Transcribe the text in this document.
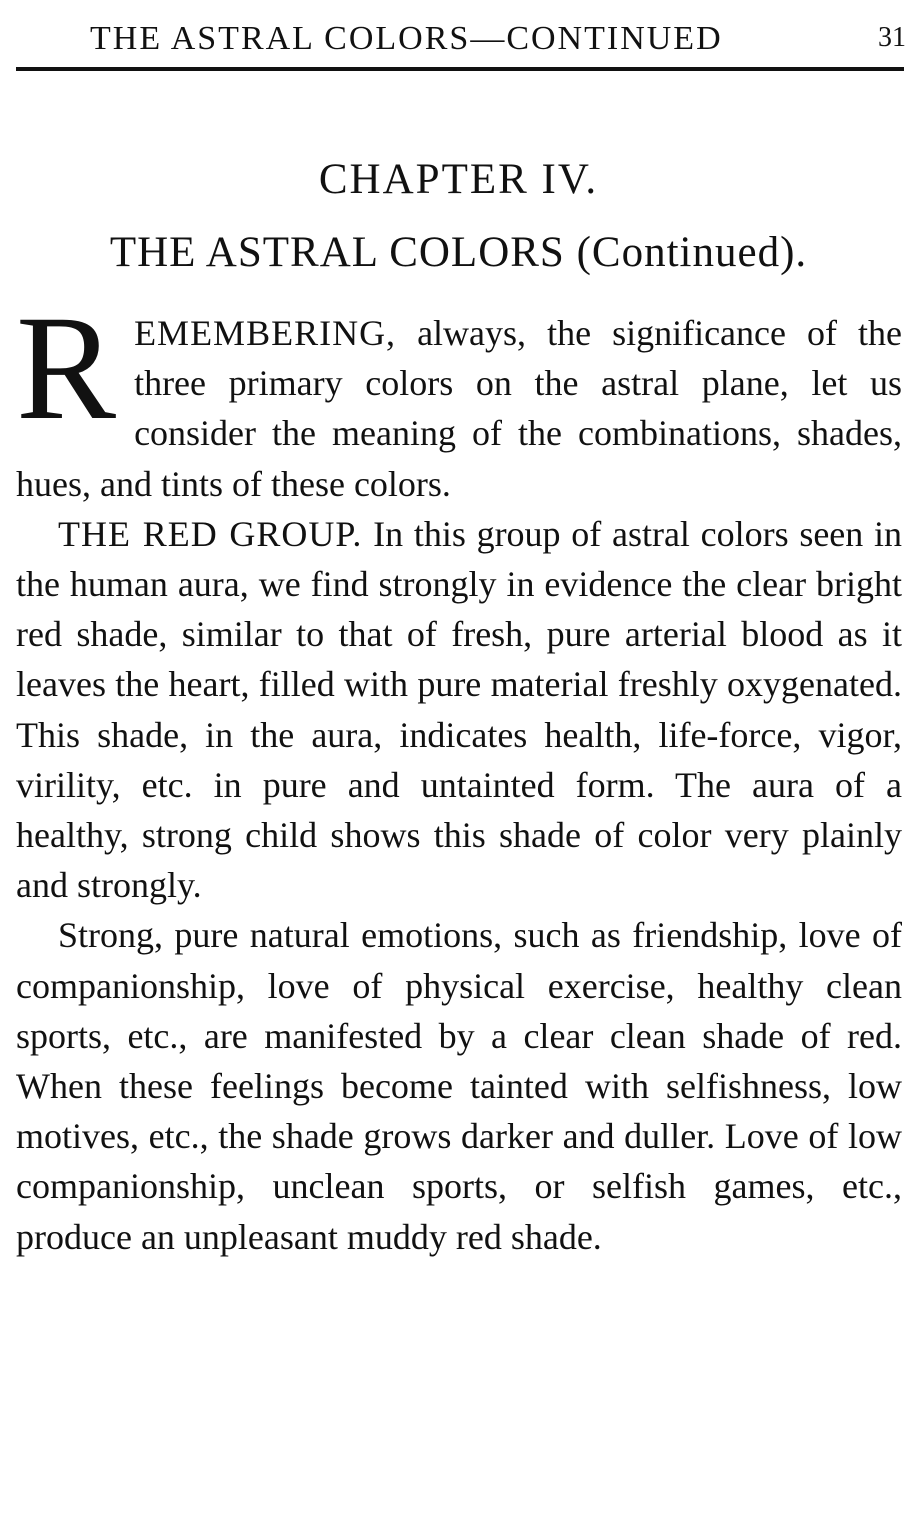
THE ASTRAL COLORS—CONTINUED	31
CHAPTER IV.
THE ASTRAL COLORS (Continued).

REMEMBERING, always, the significance of the three primary colors on the astral plane, let us consider the meaning of the combinations, shades, hues, and tints of these colors.

THE RED GROUP. In this group of astral colors seen in the human aura, we find strongly in evidence the clear bright red shade, similar to that of fresh, pure arterial blood as it leaves the heart, filled with pure material freshly oxygenated. This shade, in the aura, indicates health, life-force, vigor, virility, etc. in pure and untainted form. The aura of a healthy, strong child shows this shade of color very plainly and strongly.

Strong, pure natural emotions, such as friendship, love of companionship, love of physical exercise, healthy clean sports, etc., are manifested by a clear clean shade of red. When these feelings become tainted with selfishness, low motives, etc., the shade grows darker and duller. Love of low companionship, unclean sports, or selfish games, etc., produce an unpleasant muddy red shade.
